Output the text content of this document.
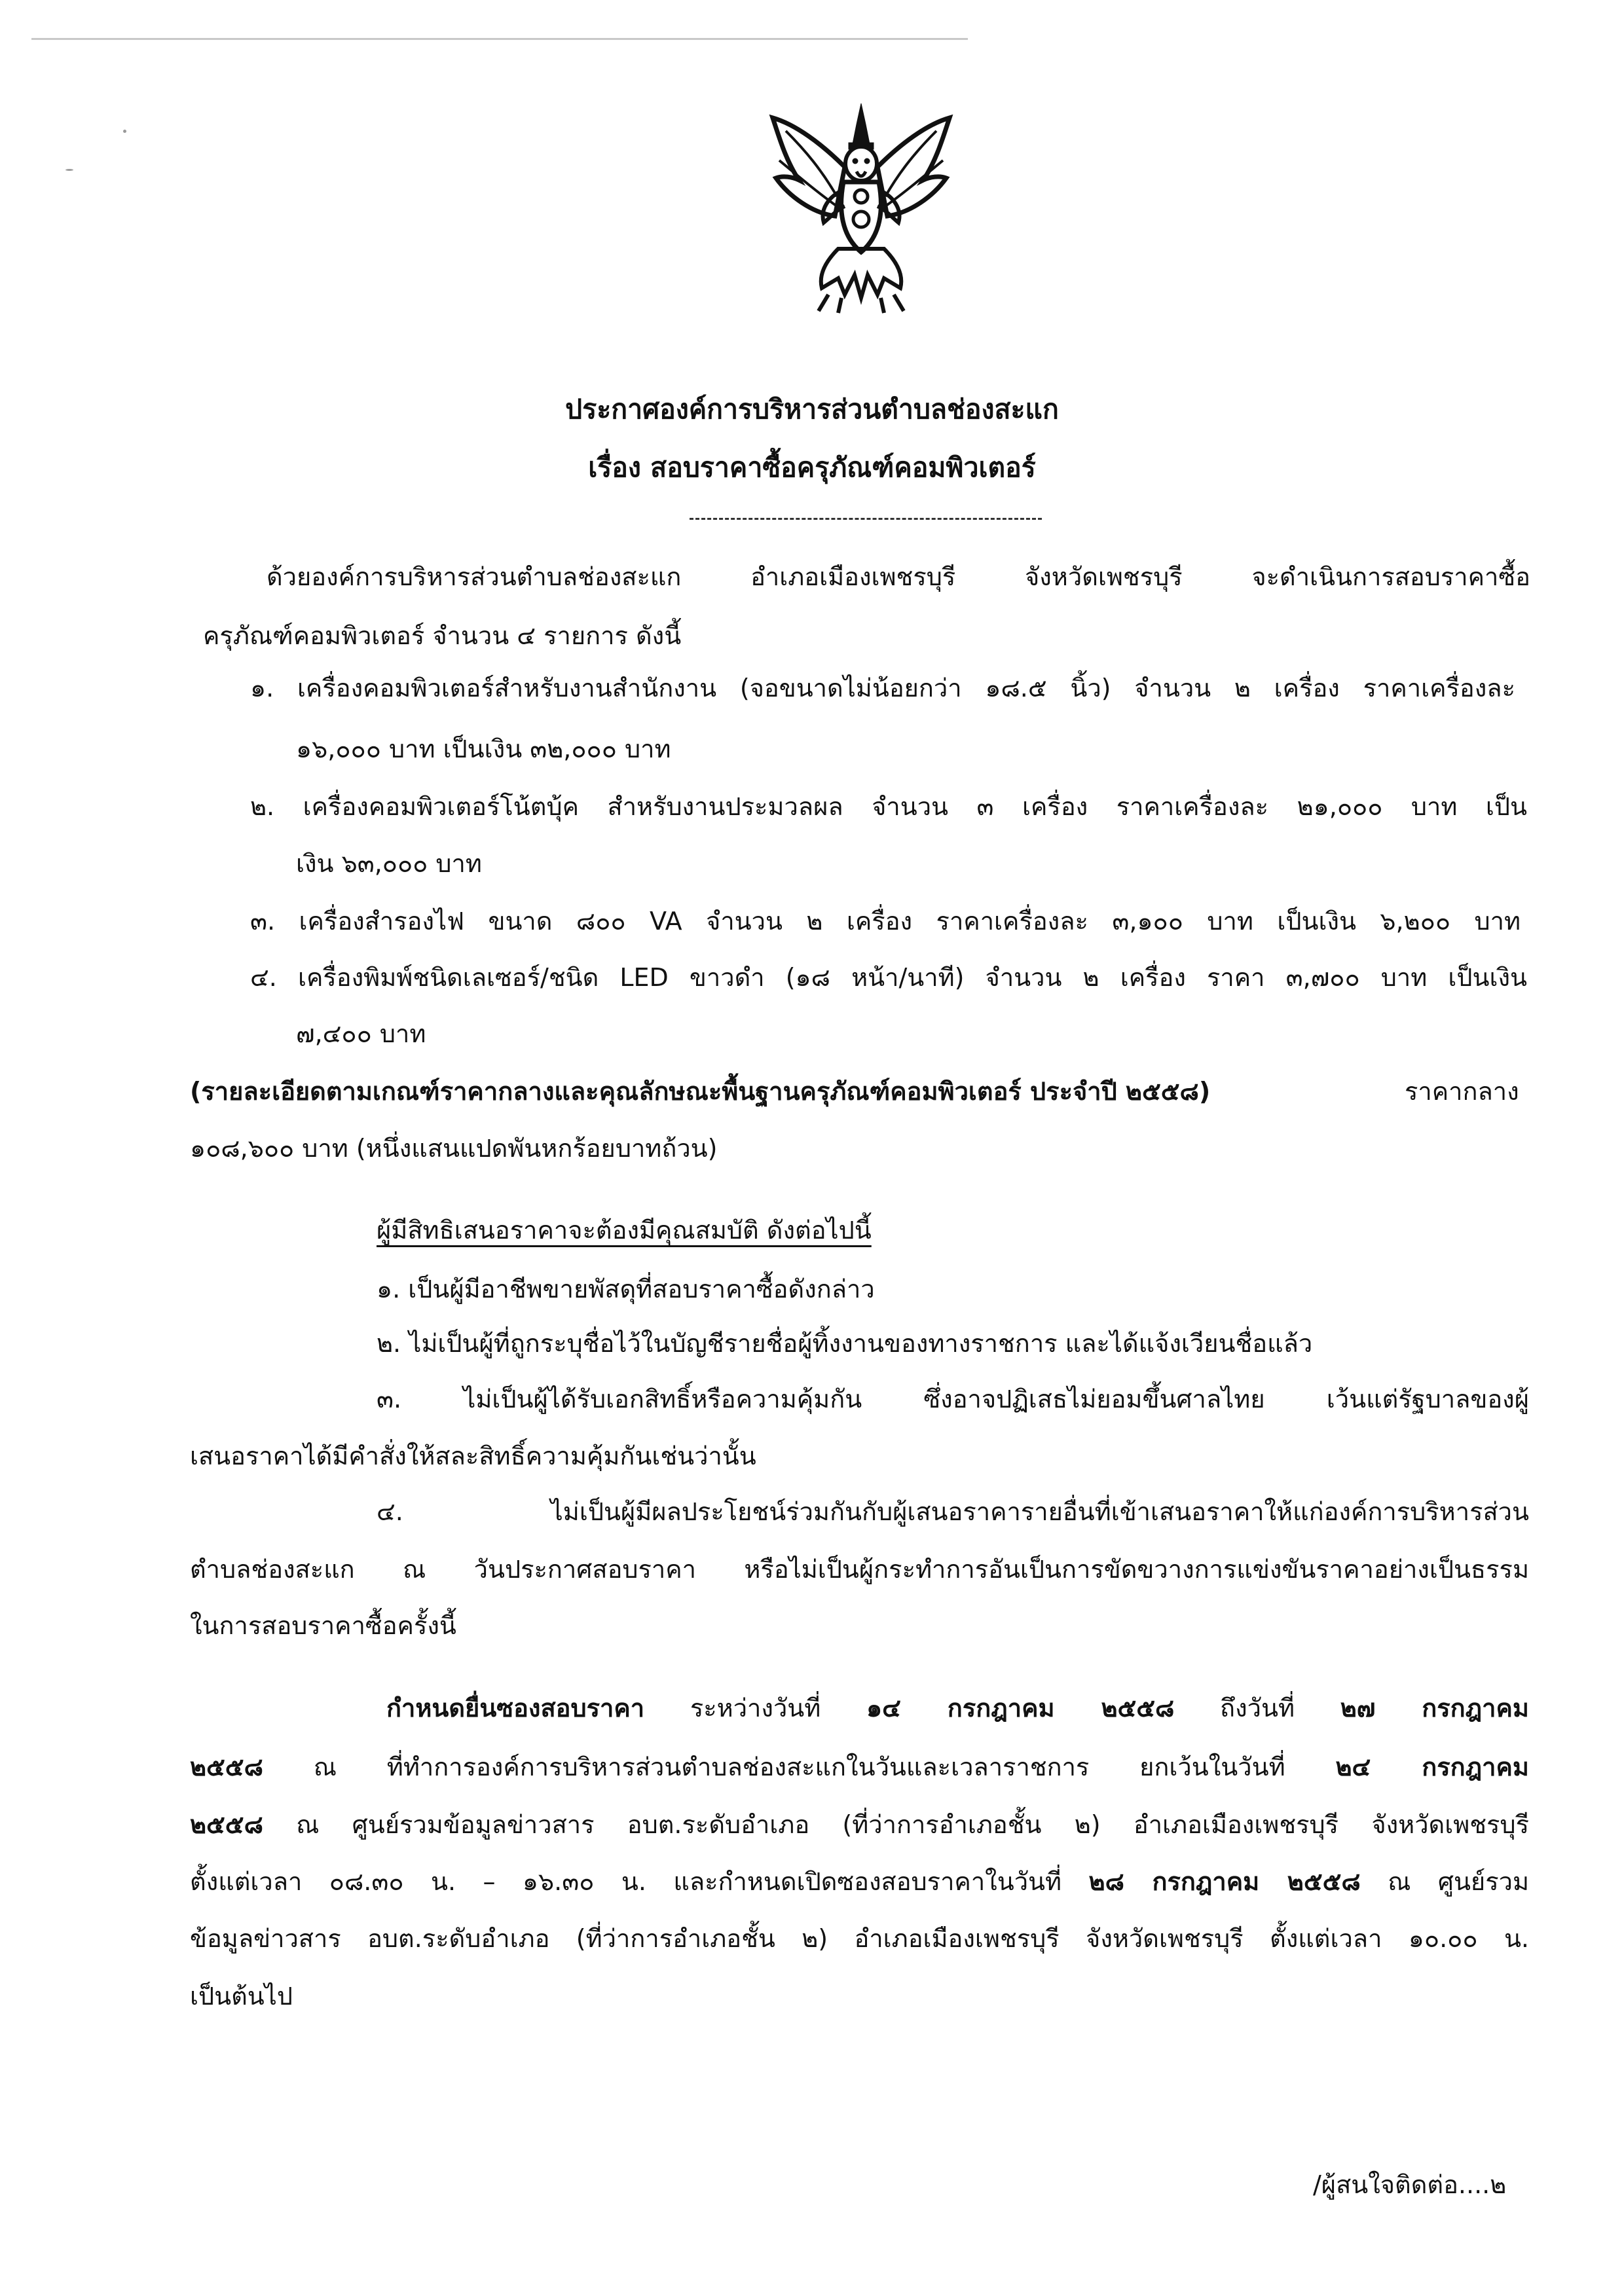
ประกาศองค์การบริหารส่วนตำบลช่องสะแก
เรื่อง สอบราคาซื้อครุภัณฑ์คอมพิวเตอร์
ด้วยองค์การบริหารส่วนตำบลช่องสะแก อำเภอเมืองเพชรบุรี จังหวัดเพชรบุรี จะดำเนินการสอบราคาซื้อ
ครุภัณฑ์คอมพิวเตอร์ จำนวน ๔ รายการ ดังนี้
๑. เครื่องคอมพิวเตอร์สำหรับงานสำนักงาน (จอขนาดไม่น้อยกว่า ๑๘.๕ นิ้ว) จำนวน ๒ เครื่อง ราคาเครื่องละ
๑๖,๐๐๐ บาท เป็นเงิน ๓๒,๐๐๐ บาท
๒. เครื่องคอมพิวเตอร์โน้ตบุ้ค สำหรับงานประมวลผล จำนวน ๓ เครื่อง ราคาเครื่องละ ๒๑,๐๐๐ บาท เป็น
เงิน ๖๓,๐๐๐ บาท
๓. เครื่องสำรองไฟ ขนาด ๘๐๐ VA จำนวน ๒ เครื่อง ราคาเครื่องละ ๓,๑๐๐ บาท เป็นเงิน ๖,๒๐๐ บาท
๔. เครื่องพิมพ์ชนิดเลเซอร์/ชนิด LED ขาวดำ (๑๘ หน้า/นาที) จำนวน ๒ เครื่อง ราคา ๓,๗๐๐ บาท เป็นเงิน
๗,๔๐๐ บาท
(รายละเอียดตามเกณฑ์ราคากลางและคุณลักษณะพื้นฐานครุภัณฑ์คอมพิวเตอร์ ประจำปี ๒๕๕๘)	ราคากลาง
๑๐๘,๖๐๐ บาท (หนึ่งแสนแปดพันหกร้อยบาทถ้วน)
ผู้มีสิทธิเสนอราคาจะต้องมีคุณสมบัติ ดังต่อไปนี้
๑. เป็นผู้มีอาชีพขายพัสดุที่สอบราคาซื้อดังกล่าว
๒. ไม่เป็นผู้ที่ถูกระบุชื่อไว้ในบัญชีรายชื่อผู้ทิ้งงานของทางราชการ และได้แจ้งเวียนชื่อแล้ว
๓. ไม่เป็นผู้ได้รับเอกสิทธิ์หรือความคุ้มกัน ซึ่งอาจปฏิเสธไม่ยอมขึ้นศาลไทย เว้นแต่รัฐบาลของผู้
เสนอราคาได้มีคำสั่งให้สละสิทธิ์ความคุ้มกันเช่นว่านั้น
๔. ไม่เป็นผู้มีผลประโยชน์ร่วมกันกับผู้เสนอราคารายอื่นที่เข้าเสนอราคาให้แก่องค์การบริหารส่วน
ตำบลช่องสะแก ณ วันประกาศสอบราคา หรือไม่เป็นผู้กระทำการอันเป็นการขัดขวางการแข่งขันราคาอย่างเป็นธรรม
ในการสอบราคาซื้อครั้งนี้
กำหนดยื่นซองสอบราคา ระหว่างวันที่ ๑๔ กรกฎาคม ๒๕๕๘ ถึงวันที่ ๒๗ กรกฎาคม
๒๕๕๘ ณ ที่ทำการองค์การบริหารส่วนตำบลช่องสะแกในวันและเวลาราชการ ยกเว้นในวันที่ ๒๔ กรกฎาคม
๒๕๕๘ ณ ศูนย์รวมข้อมูลข่าวสาร อบต.ระดับอำเภอ (ที่ว่าการอำเภอชั้น ๒) อำเภอเมืองเพชรบุรี จังหวัดเพชรบุรี
ตั้งแต่เวลา ๐๘.๓๐ น. – ๑๖.๓๐ น. และกำหนดเปิดซองสอบราคาในวันที่ ๒๘ กรกฎาคม ๒๕๕๘ ณ ศูนย์รวม
ข้อมูลข่าวสาร อบต.ระดับอำเภอ (ที่ว่าการอำเภอชั้น ๒) อำเภอเมืองเพชรบุรี จังหวัดเพชรบุรี ตั้งแต่เวลา ๑๐.๐๐ น.
เป็นต้นไป
/ผู้สนใจติดต่อ....๒
